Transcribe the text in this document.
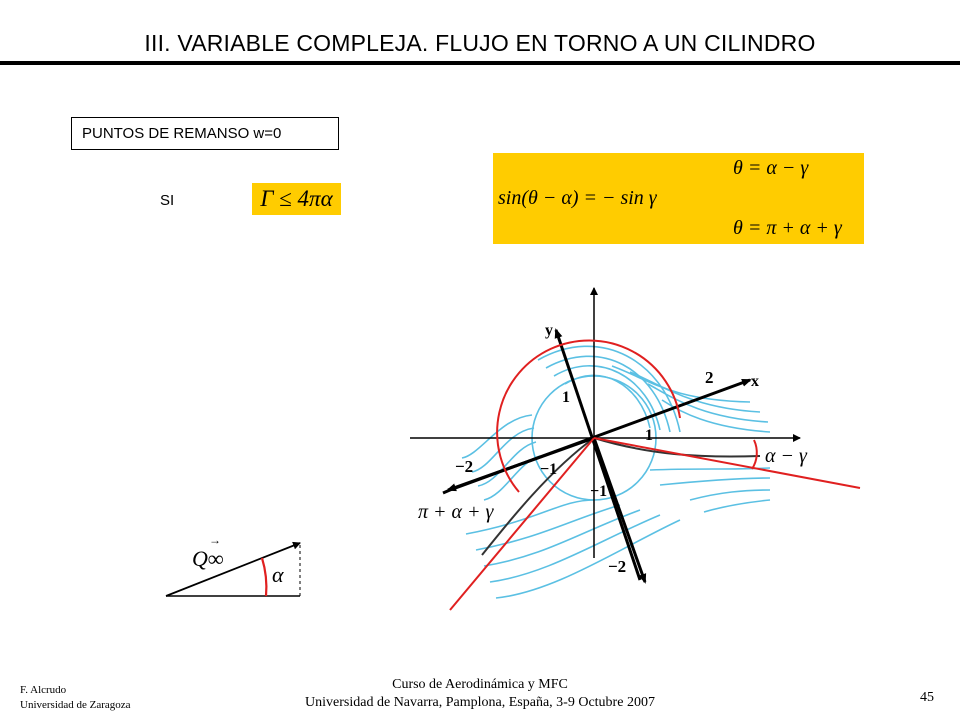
III. VARIABLE COMPLEJA. FLUJO EN TORNO A UN CILINDRO
PUNTOS DE REMANSO w=0
SI	Γ ≤ 4πα
θ = α − γ
sin(θ − α) = − sin γ
θ = π + α + γ
x
y
2
1
−1
−2
1
−1
−2
α − γ
π + α + γ
Q∞
→
α
F. Alcrudo
Universidad de Zaragoza
Curso de Aerodinámica y MFC
Universidad de Navarra, Pamplona, España, 3-9 Octubre 2007	45
